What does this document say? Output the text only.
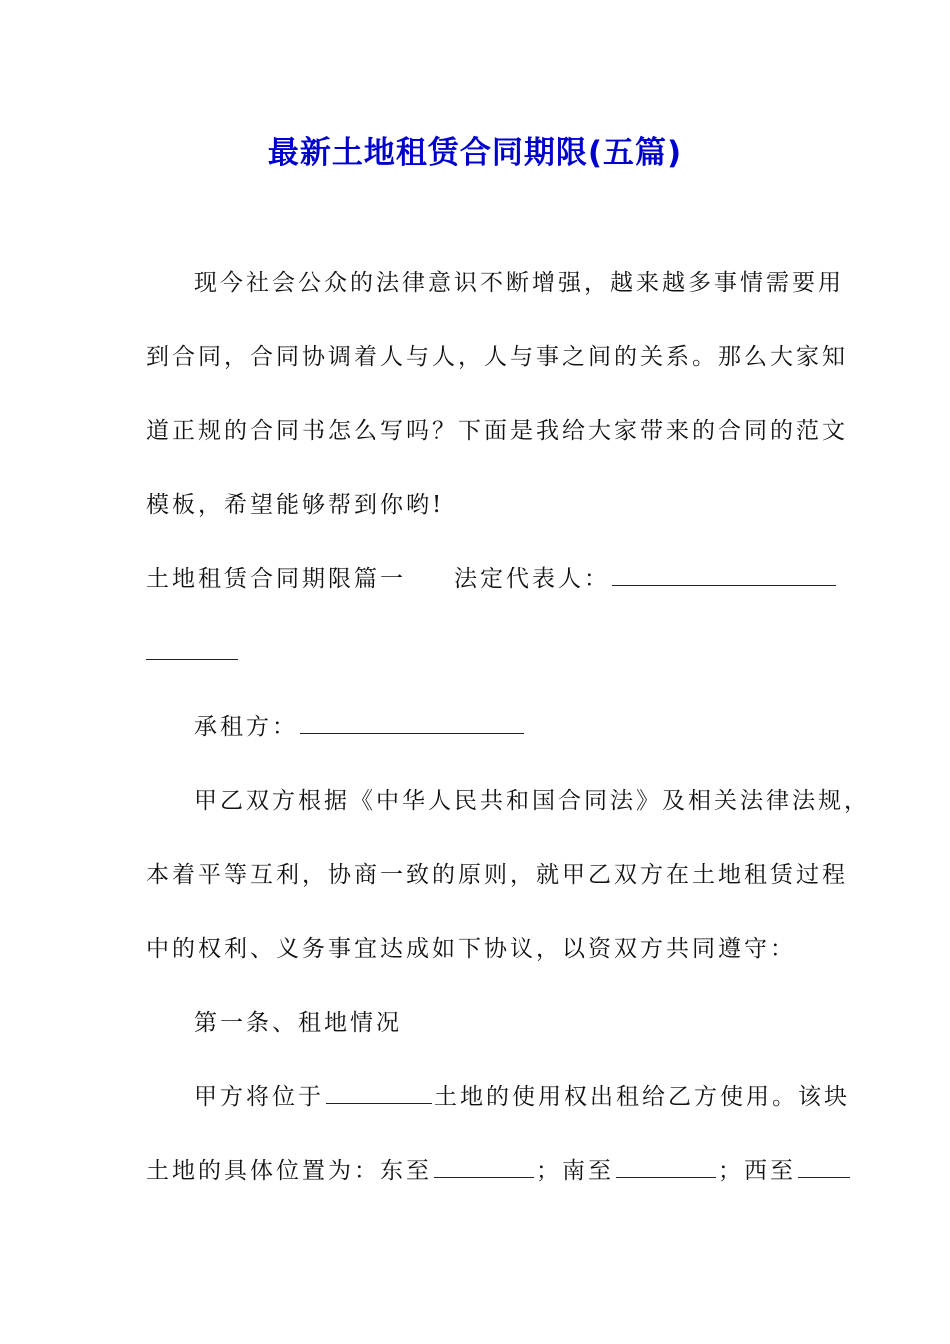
最新土地租赁合同期限(五篇)
现今社会公众的法律意识不断增强，越来越多事情需要用
到合同，合同协调着人与人，人与事之间的关系。那么大家知
道正规的合同书怎么写吗？下面是我给大家带来的合同的范文
模板，希望能够帮到你哟!
土地租赁合同期限篇一 法定代表人：
承租方：
甲乙双方根据《中华人民共和国合同法》及相关法律法规，
本着平等互利，协商一致的原则，就甲乙双方在土地租赁过程
中的权利、义务事宜达成如下协议，以资双方共同遵守：
第一条、租地情况
甲方将位于	土地的使用权出租给乙方使用。该块
土地的具体位置为：东至	；南至	；西至
